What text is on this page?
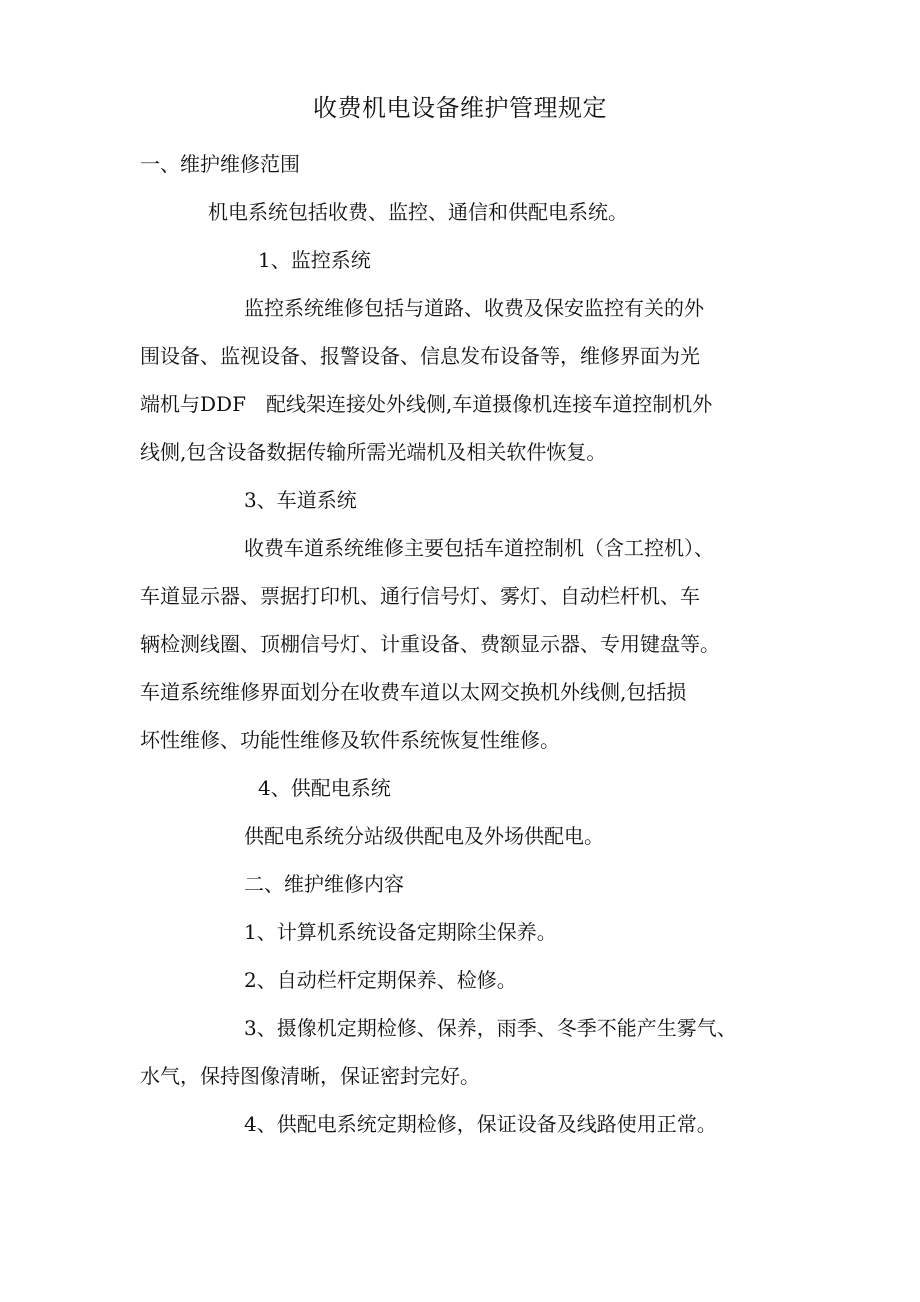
收费机电设备维护管理规定

一、维护维修范围

机电系统包括收费、监控、通信和供配电系统。

1、监控系统

监控系统维修包括与道路、收费及保安监控有关的外

围设备、监视设备、报警设备、信息发布设备等，维修界面为光

端机与DDF　配线架连接处外线侧,车道摄像机连接车道控制机外

线侧,包含设备数据传输所需光端机及相关软件恢复。

3、车道系统

收费车道系统维修主要包括车道控制机（含工控机）、

车道显示器、票据打印机、通行信号灯、雾灯、自动栏杆机、车

辆检测线圈、顶棚信号灯、计重设备、费额显示器、专用键盘等。

车道系统维修界面划分在收费车道以太网交换机外线侧,包括损

坏性维修、功能性维修及软件系统恢复性维修。

4、供配电系统

供配电系统分站级供配电及外场供配电。

二、维护维修内容

1、计算机系统设备定期除尘保养。

2、自动栏杆定期保养、检修。

3、摄像机定期检修、保养，雨季、冬季不能产生雾气、

水气，保持图像清晰，保证密封完好。

4、供配电系统定期检修，保证设备及线路使用正常。
